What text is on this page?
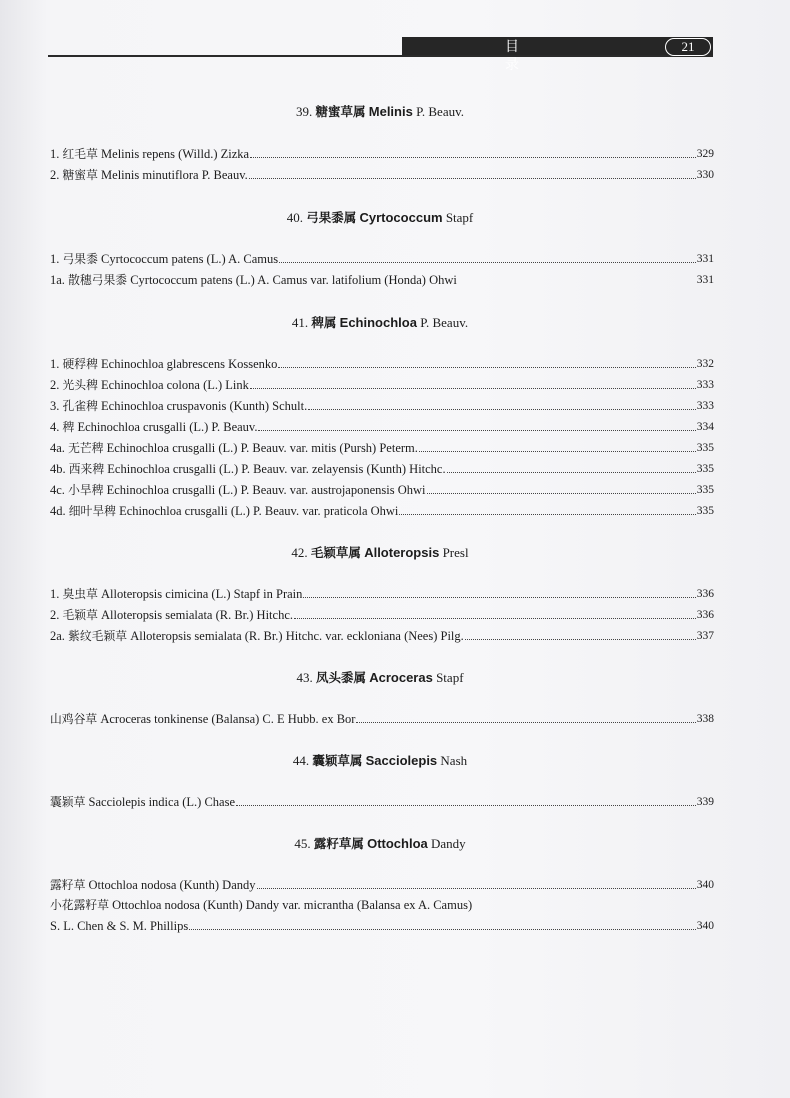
目 录
21
39. 糖蜜草属 Melinis P. Beauv.
1. 红毛草 Melinis repens (Willd.) Zizka	329
2. 糖蜜草 Melinis minutiflora P. Beauv.	330
40. 弓果黍属 Cyrtococcum Stapf
1. 弓果黍 Cyrtococcum patens (L.) A. Camus	331
1a. 散穗弓果黍 Cyrtococcum patens (L.) A. Camus var. latifolium (Honda) Ohwi	331
41. 稗属 Echinochloa P. Beauv.
1. 硬稃稗 Echinochloa glabrescens Kossenko	332
2. 光头稗 Echinochloa colona (L.) Link	333
3. 孔雀稗 Echinochloa cruspavonis (Kunth) Schult.	333
4. 稗 Echinochloa crusgalli (L.) P. Beauv.	334
4a. 无芒稗 Echinochloa crusgalli (L.) P. Beauv. var. mitis (Pursh) Peterm.	335
4b. 西来稗 Echinochloa crusgalli (L.) P. Beauv. var. zelayensis (Kunth) Hitchc.	335
4c. 小旱稗 Echinochloa crusgalli (L.) P. Beauv. var. austrojaponensis Ohwi	335
4d. 细叶旱稗 Echinochloa crusgalli (L.) P. Beauv. var. praticola Ohwi	335
42. 毛颖草属 Alloteropsis Presl
1. 臭虫草 Alloteropsis cimicina (L.) Stapf in Prain	336
2. 毛颖草 Alloteropsis semialata (R. Br.) Hitchc.	336
2a. 紫纹毛颖草 Alloteropsis semialata (R. Br.) Hitchc. var. eckloniana (Nees) Pilg.	337
43. 凤头黍属 Acroceras Stapf
山鸡谷草 Acroceras tonkinense (Balansa) C. E Hubb. ex Bor	338
44. 囊颖草属 Sacciolepis Nash
囊颖草 Sacciolepis indica (L.) Chase	339
45. 露籽草属 Ottochloa Dandy
露籽草 Ottochloa nodosa (Kunth) Dandy	340
小花露籽草 Ottochloa nodosa (Kunth) Dandy var. micrantha (Balansa ex A. Camus)
S. L. Chen & S. M. Phillips	340
